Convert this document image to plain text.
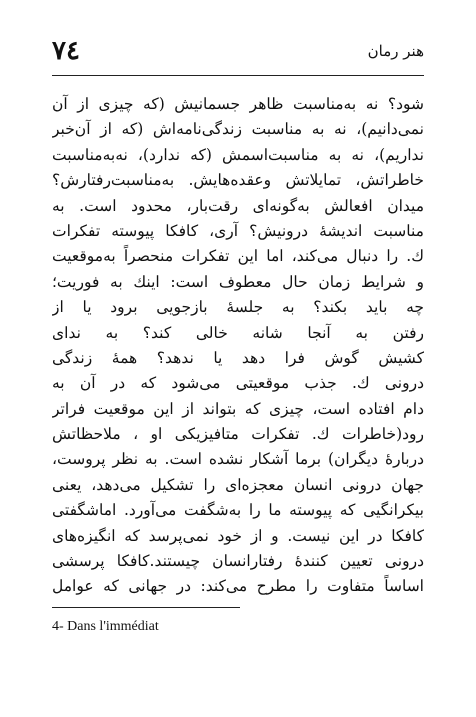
۷٤	هنر رمان
شود؟ نه به‌مناسبت ظاهر جسمانیش (که چیزی از آن
نمی‌دانیم)، نه به مناسبت زندگی‌نامه‌اش (که از آن‌خبر
نداریم)، نه به مناسبت‌اسمش (که ندارد)، نه‌به‌مناسبت
خاطراتش، تمایلاتش وعقده‌هایش. به‌مناسبت‌رفتارش؟
میدان افعالش به‌گونه‌ای رقت‌بار، محدود است. به
مناسبت اندیشهٔ درونیش؟ آری، کافکا پیوسته تفکرات
ك. را دنبال می‌کند، اما این تفکرات منحصراً به‌موقعیت
و شرایط زمان حال معطوف است: اینك به فوریت؛
چه باید بکند؟ به جلسهٔ بازجویی برود یا از
رفتن به آنجا شانه خالی کند؟ به ندای
کشیش گوش فرا دهد یا ندهد؟ همهٔ زندگی
درونی ك. جذب موقعیتی می‌شود که در آن به
دام افتاده است، چیزی که بتواند از این موقعیت فراتر
رود(خاطرات ك. تفکرات متافیزیکی او ، ملاحظاتش
دربارهٔ دیگران) برما آشکار نشده است. به نظر پروست،
جهان درونی انسان معجزه‌ای را تشکیل می‌دهد، یعنی
بیکرانگیی که پیوسته ما را به‌شگفت می‌آورد. اماشگفتی
کافکا در این نیست. و از خود نمی‌پرسد که انگیزه‌های
درونی تعیین کنندهٔ رفتارانسان چیستند.کافکا پرسشی
اساساً متفاوت را مطرح می‌کند: در جهانی که عوامل
4- Dans l'immédiat
